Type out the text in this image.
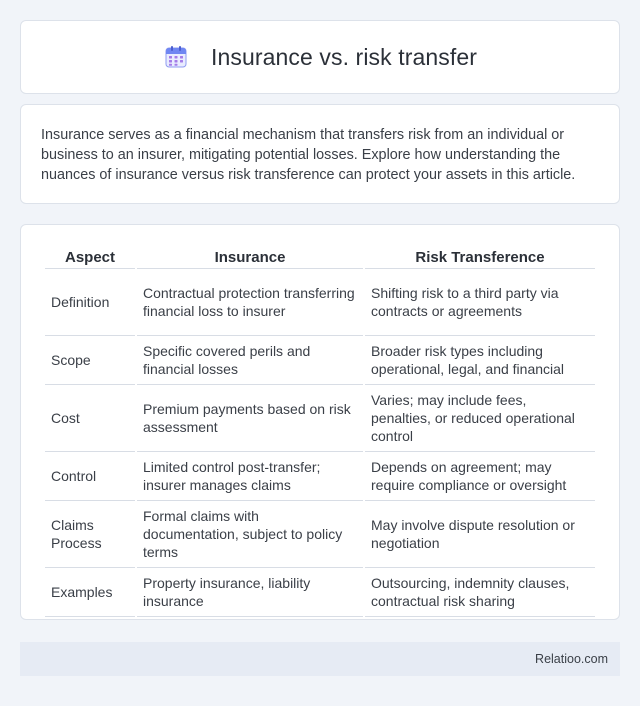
Insurance vs. risk transfer

Insurance serves as a financial mechanism that transfers risk from an individual or business to an insurer, mitigating potential losses. Explore how understanding the nuances of insurance versus risk transference can protect your assets in this article.

Aspect	Insurance	Risk Transference
Definition	Contractual protection transferring financial loss to insurer	Shifting risk to a third party via contracts or agreements
Scope	Specific covered perils and financial losses	Broader risk types including operational, legal, and financial
Cost	Premium payments based on risk assessment	Varies; may include fees, penalties, or reduced operational control
Control	Limited control post-transfer; insurer manages claims	Depends on agreement; may require compliance or oversight
Claims Process	Formal claims with documentation, subject to policy terms	May involve dispute resolution or negotiation
Examples	Property insurance, liability insurance	Outsourcing, indemnity clauses, contractual risk sharing
Relatioo.com
